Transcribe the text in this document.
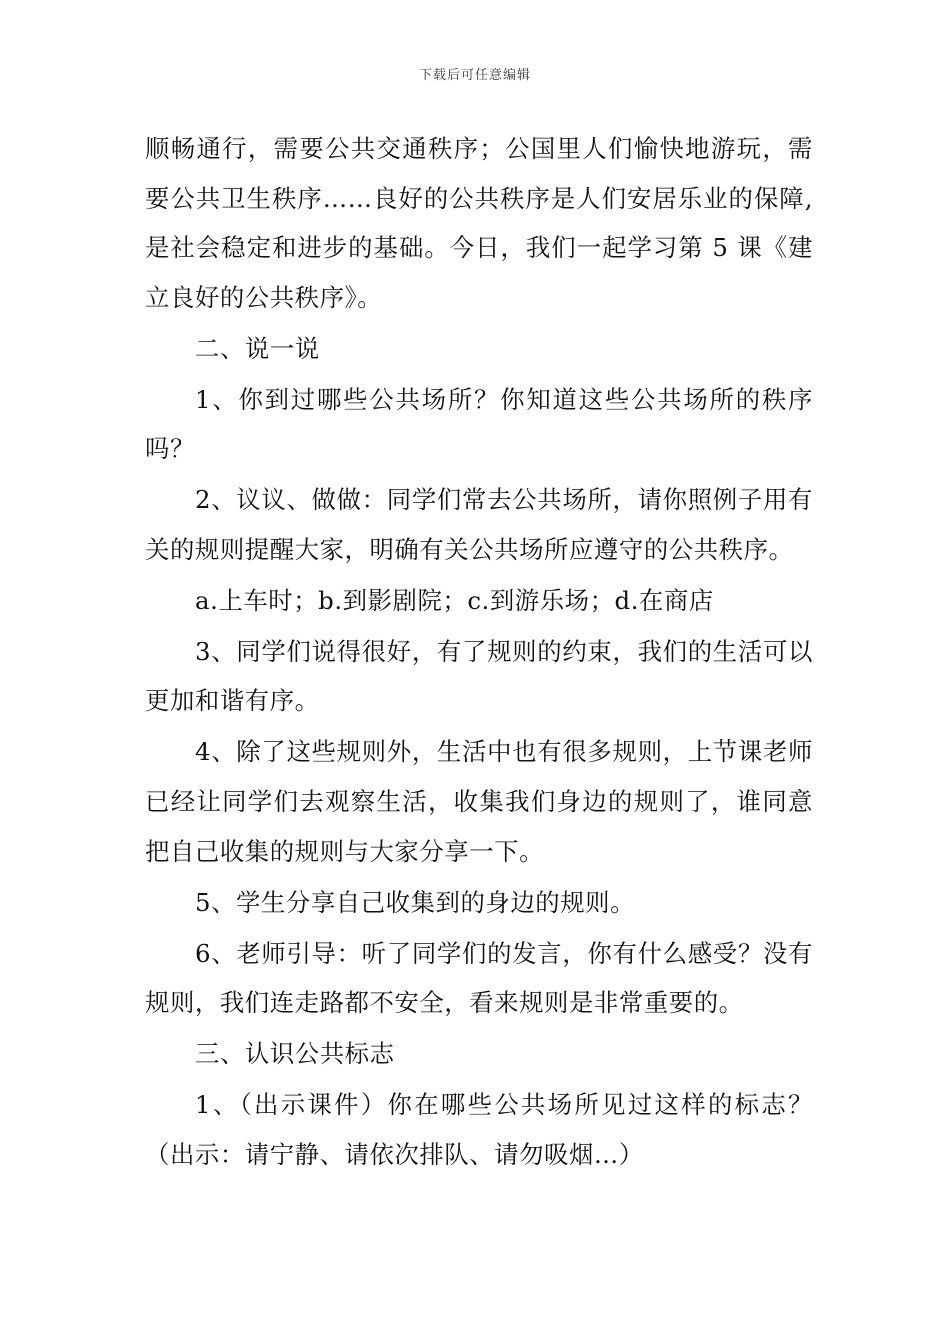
下载后可任意编辑

顺畅通行，需要公共交通秩序；公国里人们愉快地游玩，需要公共卫生秩序……良好的公共秩序是人们安居乐业的保障,是社会稳定和进步的基础。今日，我们一起学习第 5 课《建立良好的公共秩序》。

二、说一说

1、你到过哪些公共场所？你知道这些公共场所的秩序吗？

2、议议、做做：同学们常去公共场所，请你照例子用有关的规则提醒大家，明确有关公共场所应遵守的公共秩序。

a.上车时；b.到影剧院；c.到游乐场；d.在商店

3、同学们说得很好，有了规则的约束，我们的生活可以更加和谐有序。

4、除了这些规则外，生活中也有很多规则，上节课老师已经让同学们去观察生活，收集我们身边的规则了，谁同意把自己收集的规则与大家分享一下。

5、学生分享自己收集到的身边的规则。

6、老师引导：听了同学们的发言，你有什么感受？没有规则，我们连走路都不安全，看来规则是非常重要的。

三、认识公共标志

1、（出示课件）你在哪些公共场所见过这样的标志？（出示：请宁静、请依次排队、请勿吸烟…）
